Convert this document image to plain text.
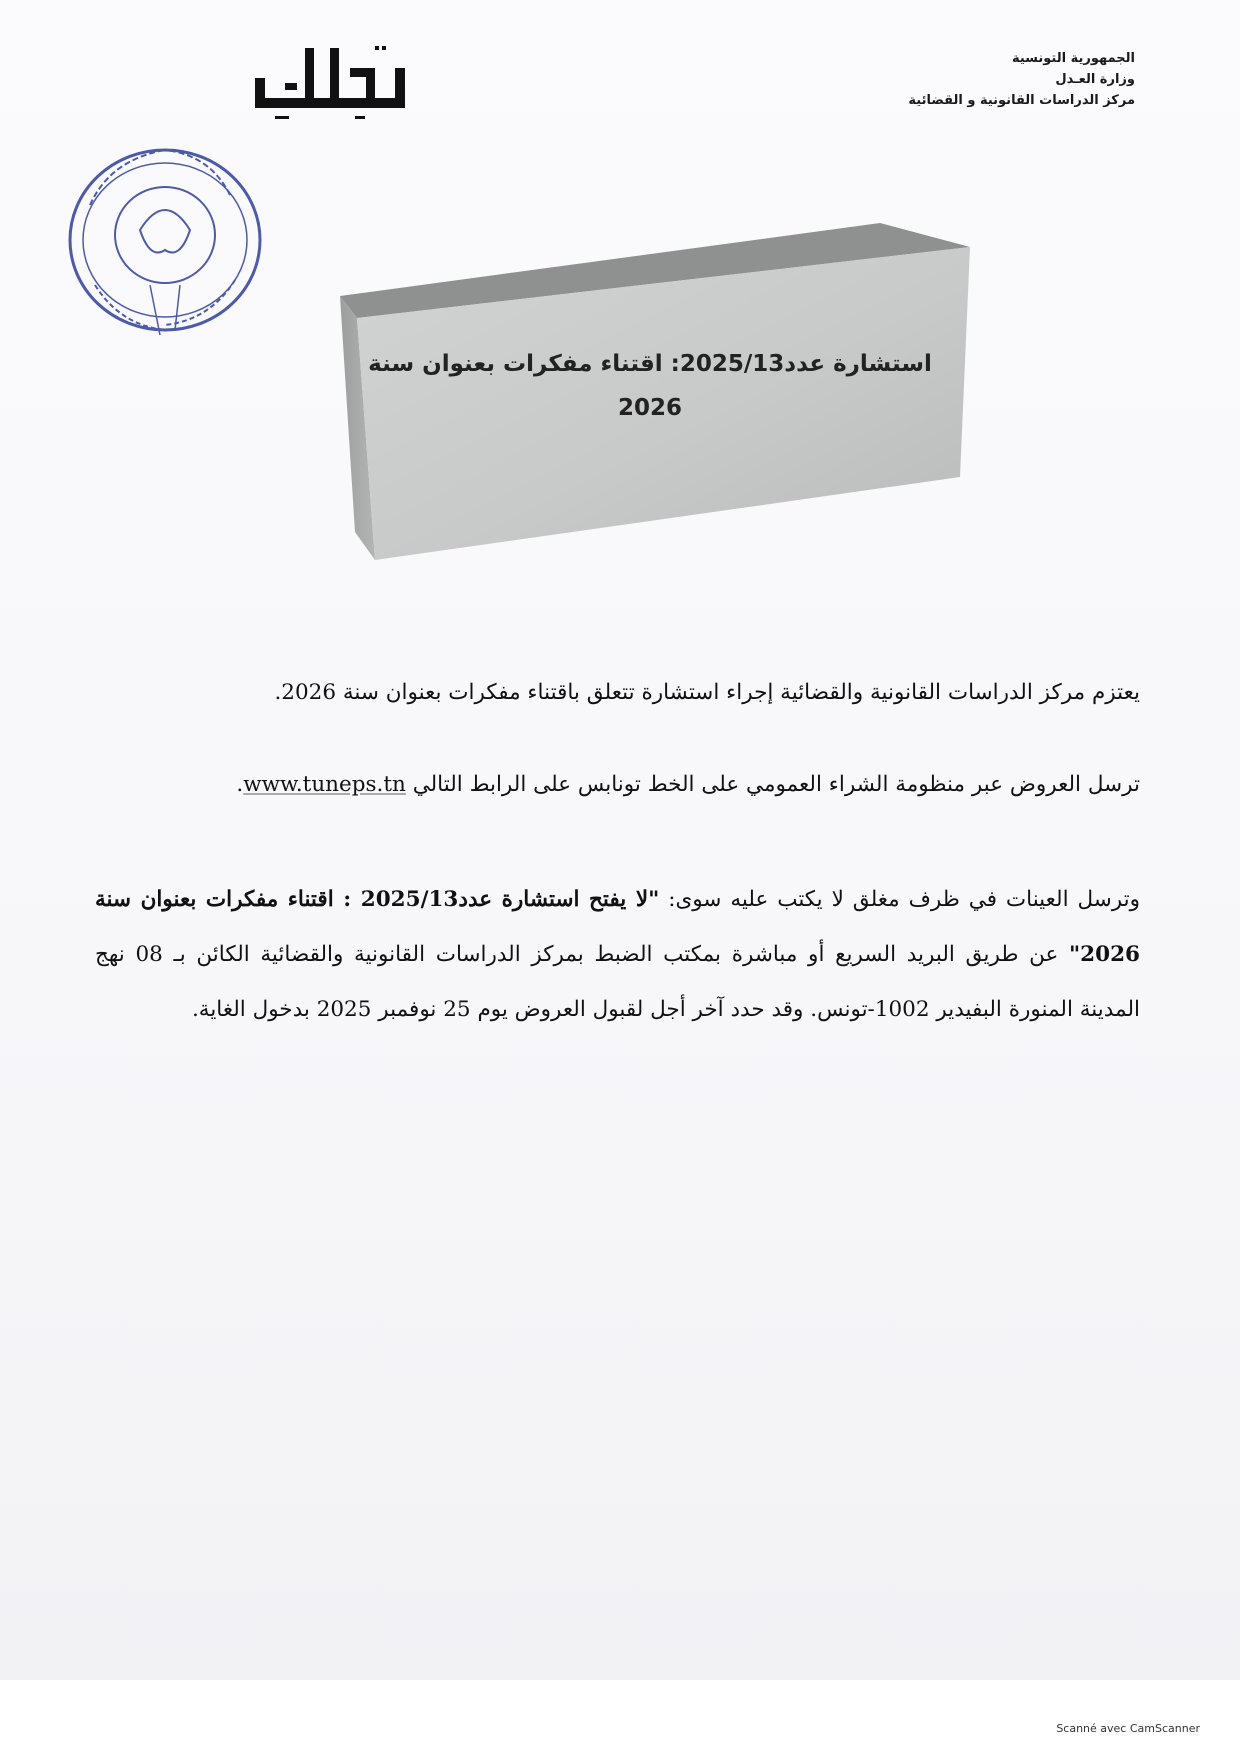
الجمهورية التونسية
وزارة العـدل
مركز الدراسات القانونية و القضائية
استشارة عدد2025/13: اقتناء مفكرات بعنوان سنة
2026
يعتزم مركز الدراسات القانونية والقضائية إجراء استشارة تتعلق باقتناء مفكرات بعنوان سنة 2026.
ترسل العروض عبر منظومة الشراء العمومي على الخط تونابس على الرابط التالي www.tuneps.tn.
وترسل العينات في ظرف مغلق لا يكتب عليه سوى: "لا يفتح استشارة عدد2025/13 : اقتناء مفكرات بعنوان سنة 2026" عن طريق البريد السريع أو مباشرة بمكتب الضبط بمركز الدراسات القانونية والقضائية الكائن بـ 08 نهج المدينة المنورة البفيدير 1002-تونس. وقد حدد آخر أجل لقبول العروض يوم 25 نوفمبر 2025 بدخول الغاية.
Scanné avec CamScanner
